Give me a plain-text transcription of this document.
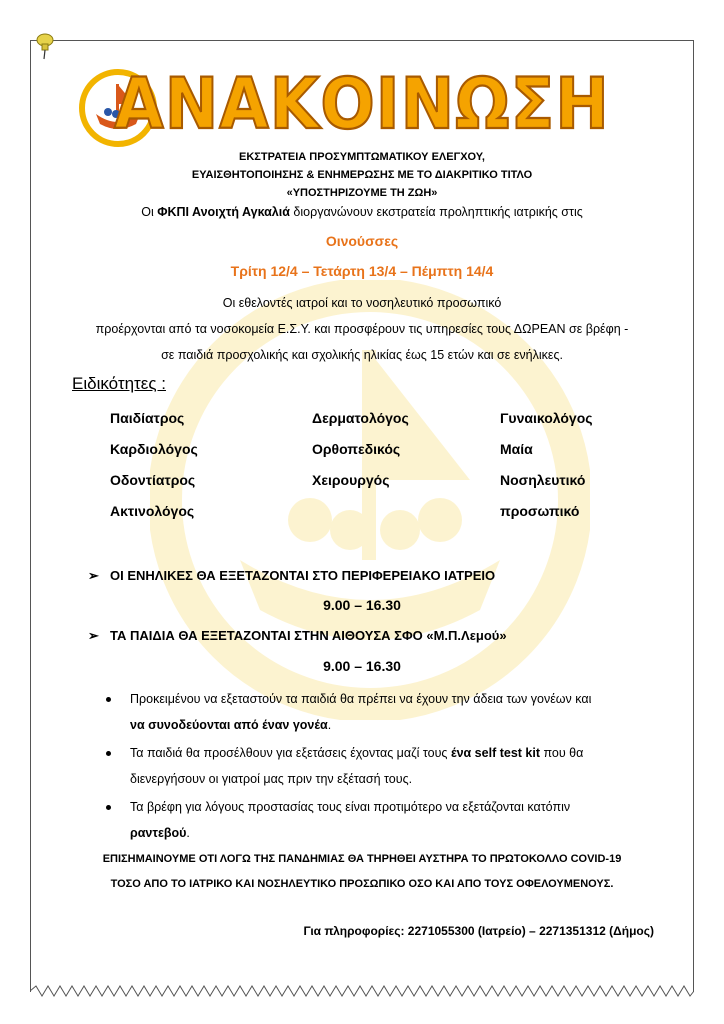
ΑΝΑΚΟΙΝΩΣΗ
ΕΚΣΤΡΑΤΕΙΑ ΠΡΟΣΥΜΠΤΩΜΑΤΙΚΟΥ ΕΛΕΓΧΟΥ,
ΕΥΑΙΣΘΗΤΟΠΟΙΗΣΗΣ & ΕΝΗΜΕΡΩΣΗΣ ΜΕ ΤΟ ΔΙΑΚΡΙΤΙΚΟ ΤΙΤΛΟ
«ΥΠΟΣΤΗΡΙΖΟΥΜΕ ΤΗ ΖΩΗ»
Οι ΦΚΠΙ Ανοιχτή Αγκαλιά διοργανώνουν εκστρατεία προληπτικής ιατρικής στις
Οινούσσες
Τρίτη 12/4 – Τετάρτη 13/4 – Πέμπτη 14/4
Οι εθελοντές ιατροί και το νοσηλευτικό προσωπικό
προέρχονται από τα νοσοκομεία Ε.Σ.Υ. και προσφέρουν τις υπηρεσίες τους ΔΩΡΕΑΝ σε βρέφη -
σε παιδιά προσχολικής και σχολικής ηλικίας έως 15 ετών και σε ενήλικες.
Ειδικότητες :
Παιδίατρος
Καρδιολόγος
Οδοντίατρος
Ακτινολόγος
Δερματολόγος
Ορθοπεδικός
Χειρουργός
Γυναικολόγος
Μαία
Νοσηλευτικό
προσωπικό
➢ ΟΙ ΕΝΗΛΙΚΕΣ ΘΑ ΕΞΕΤΑΖΟΝΤΑΙ ΣΤΟ ΠΕΡΙΦΕΡΕΙΑΚΟ ΙΑΤΡΕΙΟ
9.00 – 16.30
➢ ΤΑ ΠΑΙΔΙΑ ΘΑ ΕΞΕΤΑΖΟΝΤΑΙ ΣΤΗΝ ΑΙΘΟΥΣΑ ΣΦΟ «Μ.Π.Λεμού»
9.00 – 16.30
Προκειμένου να εξεταστούν τα παιδιά θα πρέπει να έχουν την άδεια των γονέων και
να συνοδεύονται από έναν γονέα.
Τα παιδιά θα προσέλθουν για εξετάσεις έχοντας μαζί τους ένα self test kit που θα
διενεργήσουν οι γιατροί μας πριν την εξέτασή τους.
Τα βρέφη για λόγους προστασίας τους είναι προτιμότερο να εξετάζονται κατόπιν
ραντεβού.
ΕΠΙΣΗΜΑΙΝΟΥΜΕ ΟΤΙ ΛΟΓΩ ΤΗΣ ΠΑΝΔΗΜΙΑΣ ΘΑ ΤΗΡΗΘΕΙ ΑΥΣΤΗΡΑ ΤΟ ΠΡΩΤΟΚΟΛΛΟ COVID-19
ΤΟΣΟ ΑΠΟ ΤΟ ΙΑΤΡΙΚΟ ΚΑΙ ΝΟΣΗΛΕΥΤΙΚΟ ΠΡΟΣΩΠΙΚΟ ΟΣΟ ΚΑΙ ΑΠΟ ΤΟΥΣ ΟΦΕΛΟΥΜΕΝΟΥΣ.
Για πληροφορίες: 2271055300 (Ιατρείο) – 2271351312 (Δήμος)
